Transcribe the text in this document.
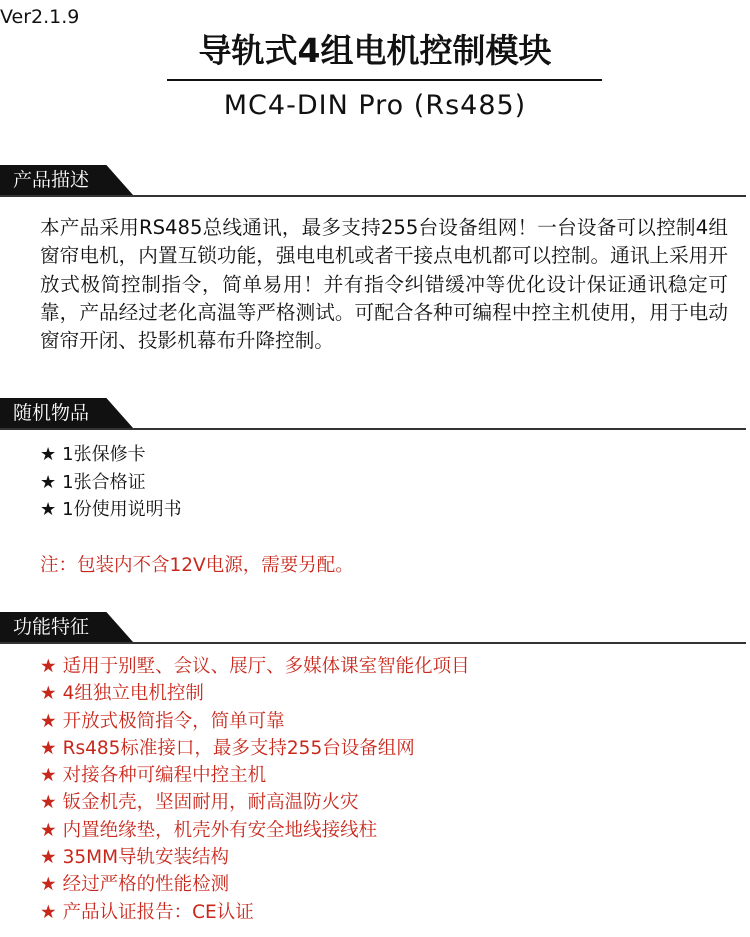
Ver2.1.9
导轨式4组电机控制模块
MC4-DIN Pro (Rs485)
产品描述
本产品采用RS485总线通讯，最多支持255台设备组网！一台设备可以控制4组窗帘电机，内置互锁功能，强电电机或者干接点电机都可以控制。通讯上采用开放式极简控制指令，简单易用！并有指令纠错缓冲等优化设计保证通讯稳定可靠，产品经过老化高温等严格测试。可配合各种可编程中控主机使用，用于电动窗帘开闭、投影机幕布升降控制。
随机物品
★ 1张保修卡
★ 1张合格证
★ 1份使用说明书
注：包装内不含12V电源，需要另配。
功能特征
★ 适用于别墅、会议、展厅、多媒体课室智能化项目
★ 4组独立电机控制
★ 开放式极简指令，简单可靠
★ Rs485标准接口，最多支持255台设备组网
★ 对接各种可编程中控主机
★ 钣金机壳，坚固耐用，耐高温防火灾
★ 内置绝缘垫，机壳外有安全地线接线柱
★ 35MM导轨安装结构
★ 经过严格的性能检测
★ 产品认证报告：CE认证
